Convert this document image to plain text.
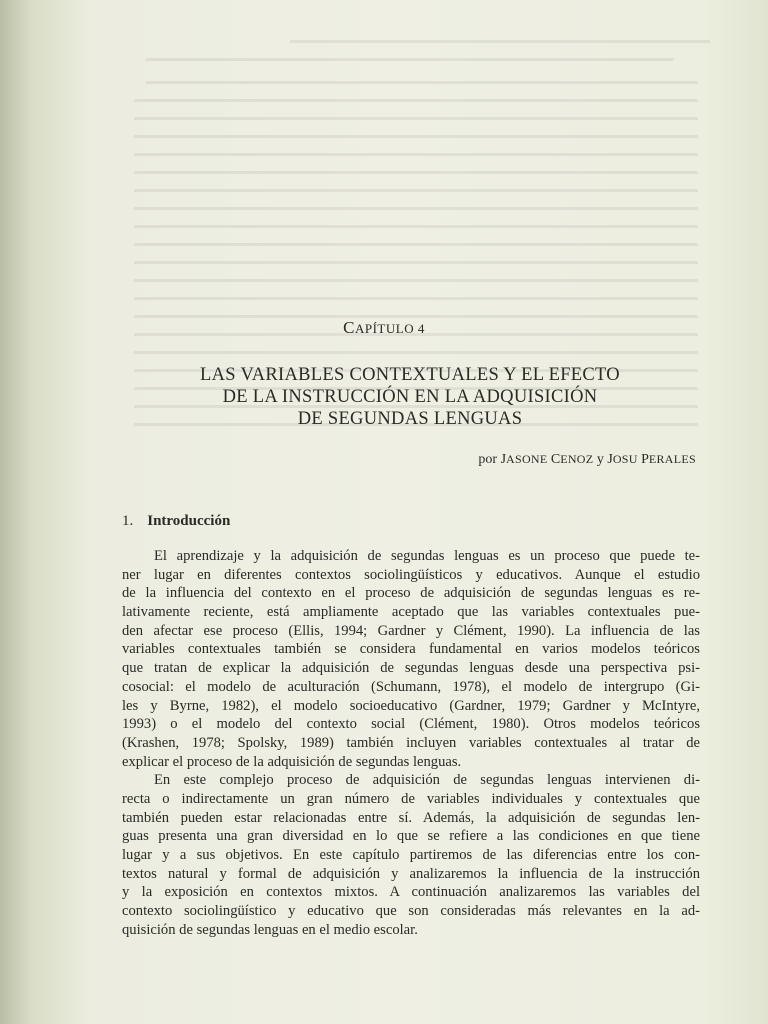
CAPÍTULO 4
LAS VARIABLES CONTEXTUALES Y EL EFECTO
DE LA INSTRUCCIÓN EN LA ADQUISICIÓN
DE SEGUNDAS LENGUAS
por JASONE CENOZ y JOSU PERALES
1. Introducción
El aprendizaje y la adquisición de segundas lenguas es un proceso que puede te-
ner lugar en diferentes contextos sociolingüísticos y educativos. Aunque el estudio
de la influencia del contexto en el proceso de adquisición de segundas lenguas es re-
lativamente reciente, está ampliamente aceptado que las variables contextuales pue-
den afectar ese proceso (Ellis, 1994; Gardner y Clément, 1990). La influencia de las
variables contextuales también se considera fundamental en varios modelos teóricos
que tratan de explicar la adquisición de segundas lenguas desde una perspectiva psi-
cosocial: el modelo de aculturación (Schumann, 1978), el modelo de intergrupo (Gi-
les y Byrne, 1982), el modelo socioeducativo (Gardner, 1979; Gardner y McIntyre,
1993) o el modelo del contexto social (Clément, 1980). Otros modelos teóricos
(Krashen, 1978; Spolsky, 1989) también incluyen variables contextuales al tratar de
explicar el proceso de la adquisición de segundas lenguas.
En este complejo proceso de adquisición de segundas lenguas intervienen di-
recta o indirectamente un gran número de variables individuales y contextuales que
también pueden estar relacionadas entre sí. Además, la adquisición de segundas len-
guas presenta una gran diversidad en lo que se refiere a las condiciones en que tiene
lugar y a sus objetivos. En este capítulo partiremos de las diferencias entre los con-
textos natural y formal de adquisición y analizaremos la influencia de la instrucción
y la exposición en contextos mixtos. A continuación analizaremos las variables del
contexto sociolingüístico y educativo que son consideradas más relevantes en la ad-
quisición de segundas lenguas en el medio escolar.
